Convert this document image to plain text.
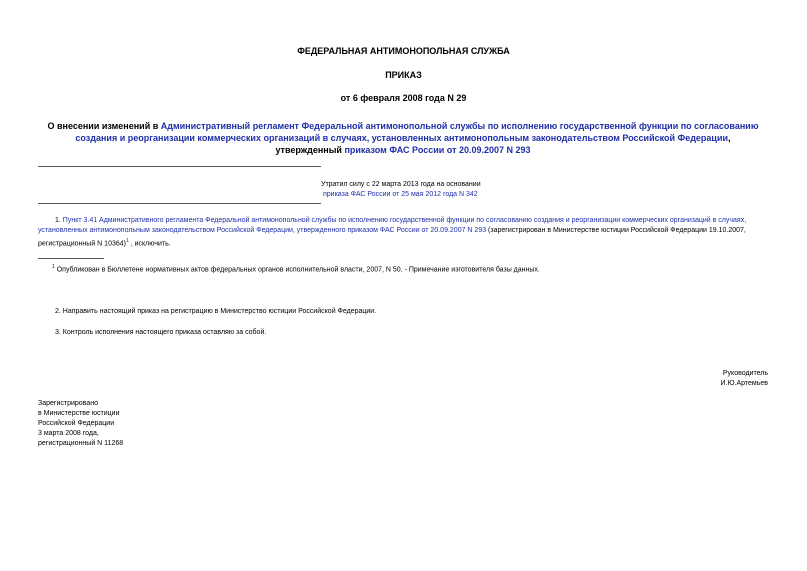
ФЕДЕРАЛЬНАЯ АНТИМОНОПОЛЬНАЯ СЛУЖБА
ПРИКАЗ
от 6 февраля 2008 года N 29
О внесении изменений в Административный регламент Федеральной антимонопольной службы по исполнению государственной функции по согласованию создания и реорганизации коммерческих организаций в случаях, установленных антимонопольным законодательством Российской Федерации, утвержденный приказом ФАС России от 20.09.2007 N 293
Утратил силу с 22 марта 2013 года на основании
приказа ФАС России от 25 мая 2012 года N 342
1. Пункт 3.41 Административного регламента Федеральной антимонопольной службы по исполнению государственной функции по согласованию создания и реорганизации коммерческих организаций в случаях, установленных антимонопольным законодательством Российской Федерации, утвержденного приказом ФАС России от 20.09.2007 N 293 (зарегистрирован в Министерстве юстиции Российской Федерации 19.10.2007, регистрационный N 10364)$^1$ , исключить.
$^1$ Опубликован в Бюллетене нормативных актов федеральных органов исполнительной власти, 2007, N 50. - Примечание изготовителя базы данных.
2. Направить настоящий приказ на регистрацию в Министерство юстиции Российской Федерации.
3. Контроль исполнения настоящего приказа оставляю за собой.
Руководитель
И.Ю.Артемьев
Зарегистрировано
в Министерстве юстиции
Российской Федерации
3 марта 2008 года,
регистрационный N 11268
